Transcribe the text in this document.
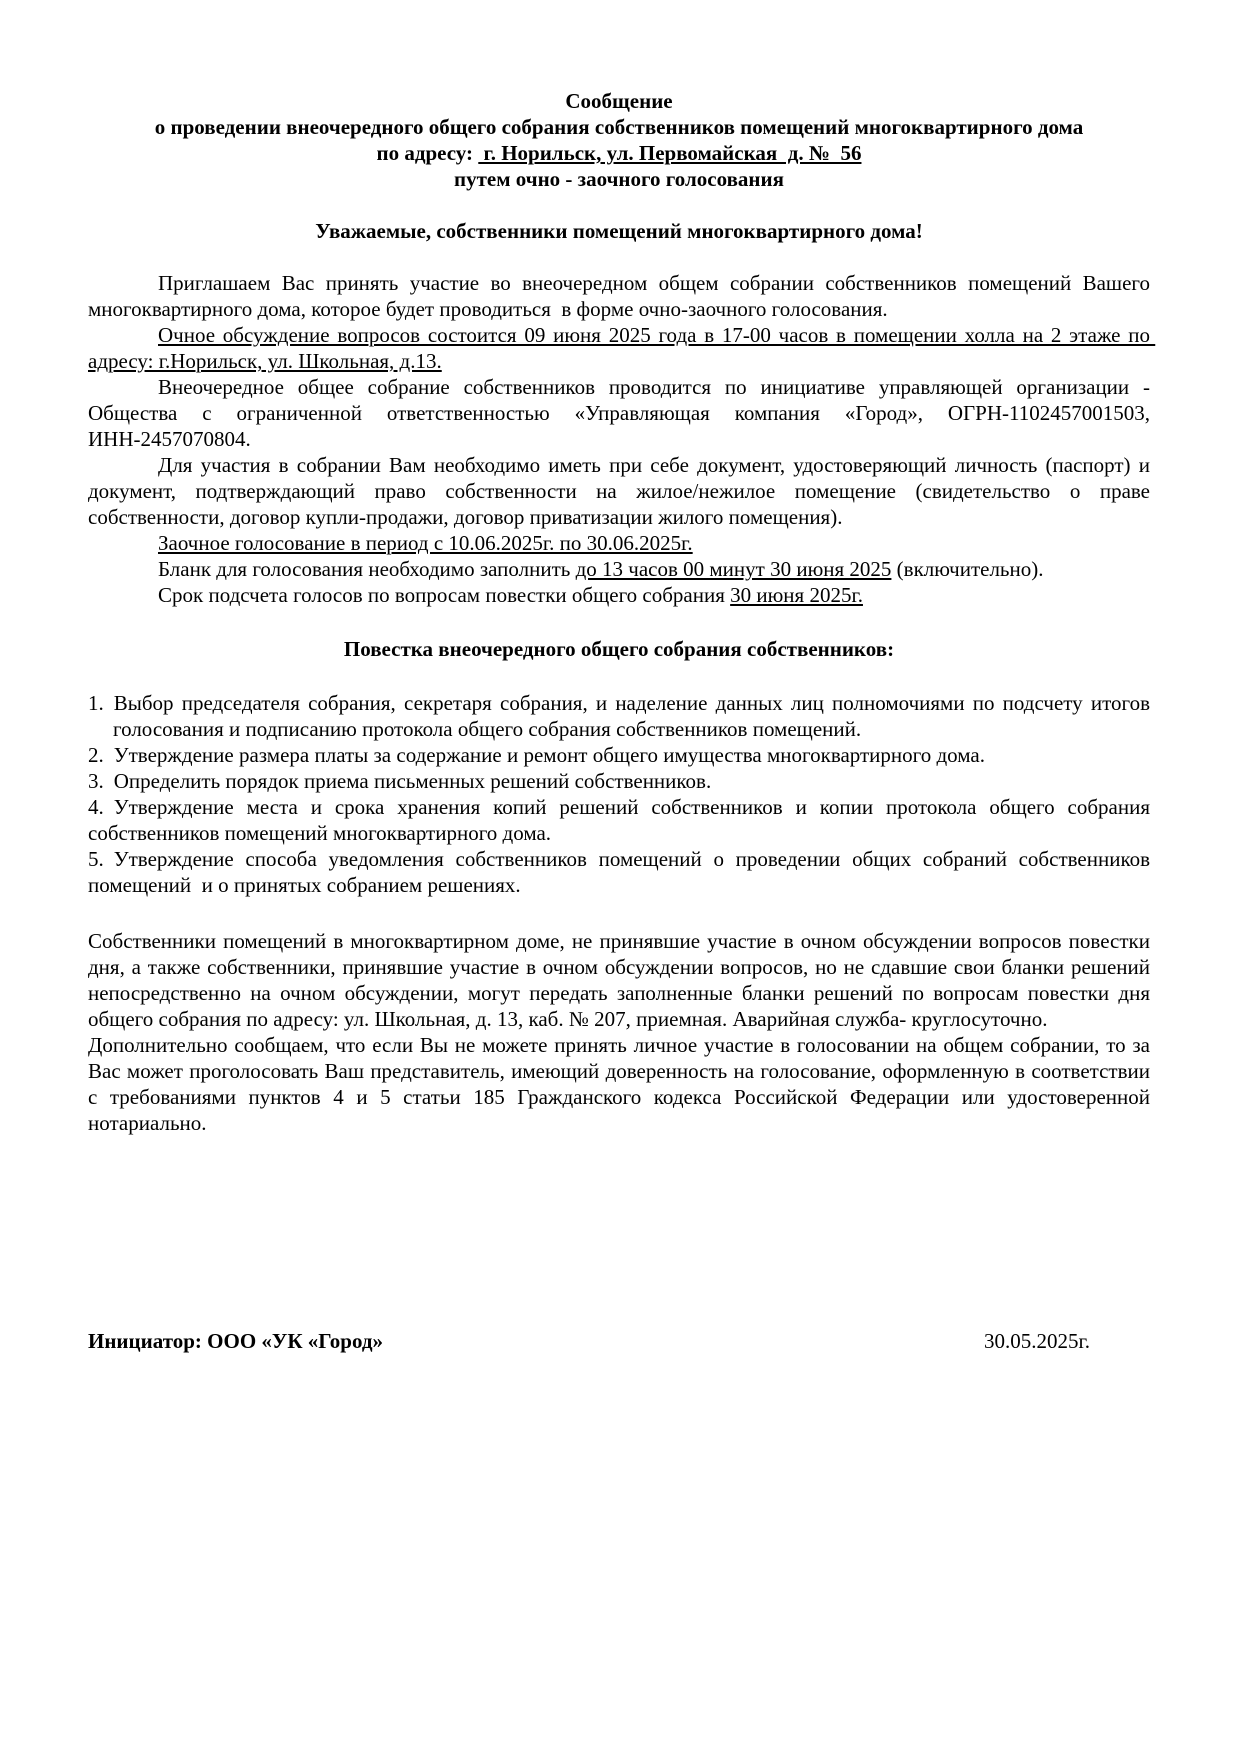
Сообщение
о проведении внеочередного общего собрания собственников помещений многоквартирного дома
по адресу:  г. Норильск, ул. Первомайская  д. №  56
путем очно - заочного голосования
Уважаемые, собственники помещений многоквартирного дома!

Приглашаем Вас принять участие во внеочередном общем собрании собственников помещений Вашего многоквартирного дома, которое будет проводиться  в форме очно-заочного голосования.

Очное обсуждение вопросов состоится 09 июня 2025 года в 17-00 часов в помещении холла на 2 этаже по адресу: г.Норильск, ул. Школьная, д.13.

Внеочередное общее собрание собственников проводится по инициативе управляющей организации - Общества с ограниченной ответственностью «Управляющая компания «Город», ОГРН-1102457001503, ИНН-2457070804.

Для участия в собрании Вам необходимо иметь при себе документ, удостоверяющий личность (паспорт) и документ, подтверждающий право собственности на жилое/нежилое помещение (свидетельство о праве собственности, договор купли-продажи, договор приватизации жилого помещения).

Заочное голосование в период с 10.06.2025г. по 30.06.2025г.

Бланк для голосования необходимо заполнить до 13 часов 00 минут 30 июня 2025 (включительно).

Срок подсчета голосов по вопросам повестки общего собрания 30 июня 2025г.

Повестка внеочередного общего собрания собственников:
1. Выбор председателя собрания, секретаря собрания, и наделение данных лиц полномочиями по подсчету итогов голосования и подписанию протокола общего собрания собственников помещений.
2. Утверждение размера платы за содержание и ремонт общего имущества многоквартирного дома.
3. Определить порядок приема письменных решений собственников.
4. Утверждение места и срока хранения копий решений собственников и копии протокола общего собрания собственников помещений многоквартирного дома.
5. Утверждение способа уведомления собственников помещений о проведении общих собраний собственников помещений  и о принятых собранием решениях.

Собственники помещений в многоквартирном доме, не принявшие участие в очном обсуждении вопросов повестки дня, а также собственники, принявшие участие в очном обсуждении вопросов, но не сдавшие свои бланки решений непосредственно на очном обсуждении, могут передать заполненные бланки решений по вопросам повестки дня общего собрания по адресу: ул. Школьная, д. 13, каб. № 207, приемная. Аварийная служба- круглосуточно.

Дополнительно сообщаем, что если Вы не можете принять личное участие в голосовании на общем собрании, то за Вас может проголосовать Ваш представитель, имеющий доверенность на голосование, оформленную в соответствии с требованиями пунктов 4 и 5 статьи 185 Гражданского кодекса Российской Федерации или удостоверенной нотариально.

Инициатор: ООО «УК «Город»	30.05.2025г.
